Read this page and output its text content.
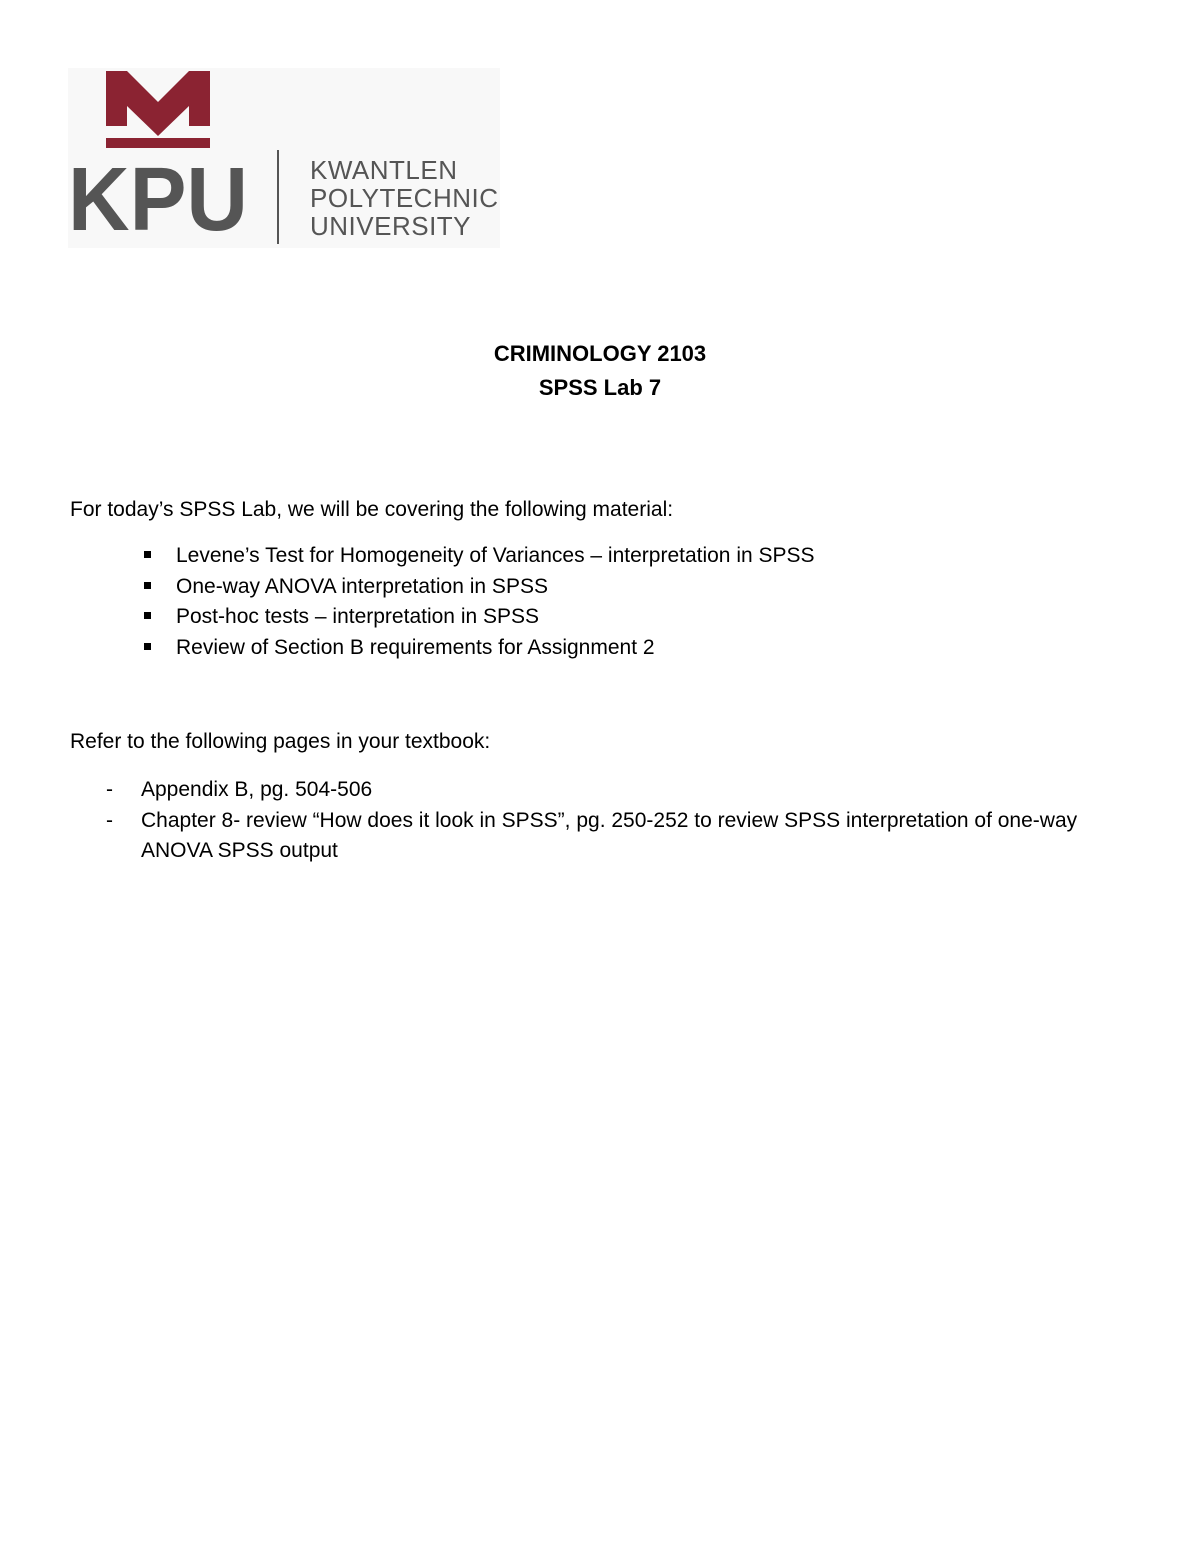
KPU KWANTLEN
POLYTECHNIC
UNIVERSITY
CRIMINOLOGY 2103
SPSS Lab 7
For today’s SPSS Lab, we will be covering the following material:
Levene’s Test for Homogeneity of Variances – interpretation in SPSS
One-way ANOVA interpretation in SPSS
Post-hoc tests – interpretation in SPSS
Review of Section B requirements for Assignment 2
Refer to the following pages in your textbook:
- Appendix B, pg. 504-506
- Chapter 8- review “How does it look in SPSS”, pg. 250-252 to review SPSS interpretation of one-way ANOVA SPSS output
